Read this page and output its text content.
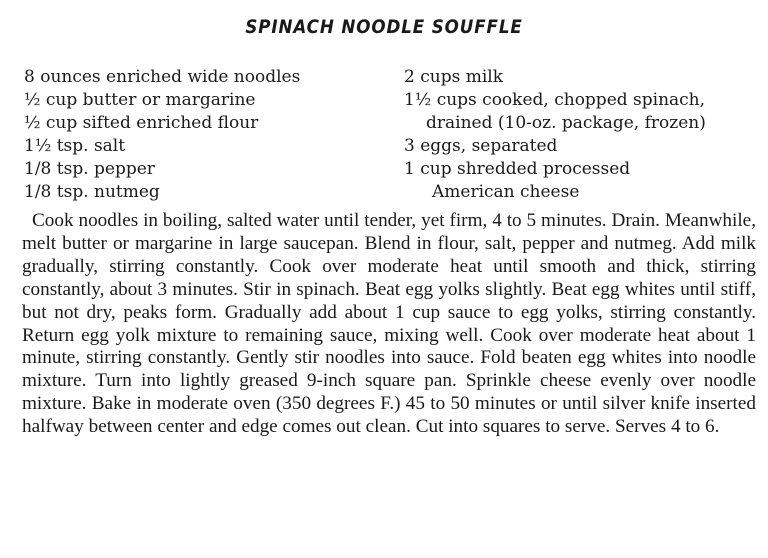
SPINACH NOODLE SOUFFLE
8 ounces enriched wide noodles
½ cup butter or margarine
½ cup sifted enriched flour
1½ tsp. salt
1/8 tsp. pepper
1/8 tsp. nutmeg
2 cups milk
1½ cups cooked, chopped spinach,
drained (10-oz. package, frozen)
3 eggs, separated
1 cup shredded processed
American cheese

Cook noodles in boiling, salted water until tender, yet firm, 4 to 5 minutes. Drain. Meanwhile, melt butter or margarine in large saucepan. Blend in flour, salt, pepper and nutmeg. Add milk gradually, stirring constantly. Cook over moderate heat until smooth and thick, stirring constantly, about 3 minutes. Stir in spinach. Beat egg yolks slightly. Beat egg whites until stiff, but not dry, peaks form. Gradually add about 1 cup sauce to egg yolks, stirring constantly. Return egg yolk mixture to remaining sauce, mixing well. Cook over moderate heat about 1 minute, stirring constantly. Gently stir noodles into sauce. Fold beaten egg whites into noodle mixture. Turn into lightly greased 9-inch square pan. Sprinkle cheese evenly over noodle mixture. Bake in moderate oven (350 degrees F.) 45 to 50 minutes or until silver knife inserted halfway between center and edge comes out clean. Cut into squares to serve. Serves 4 to 6.
